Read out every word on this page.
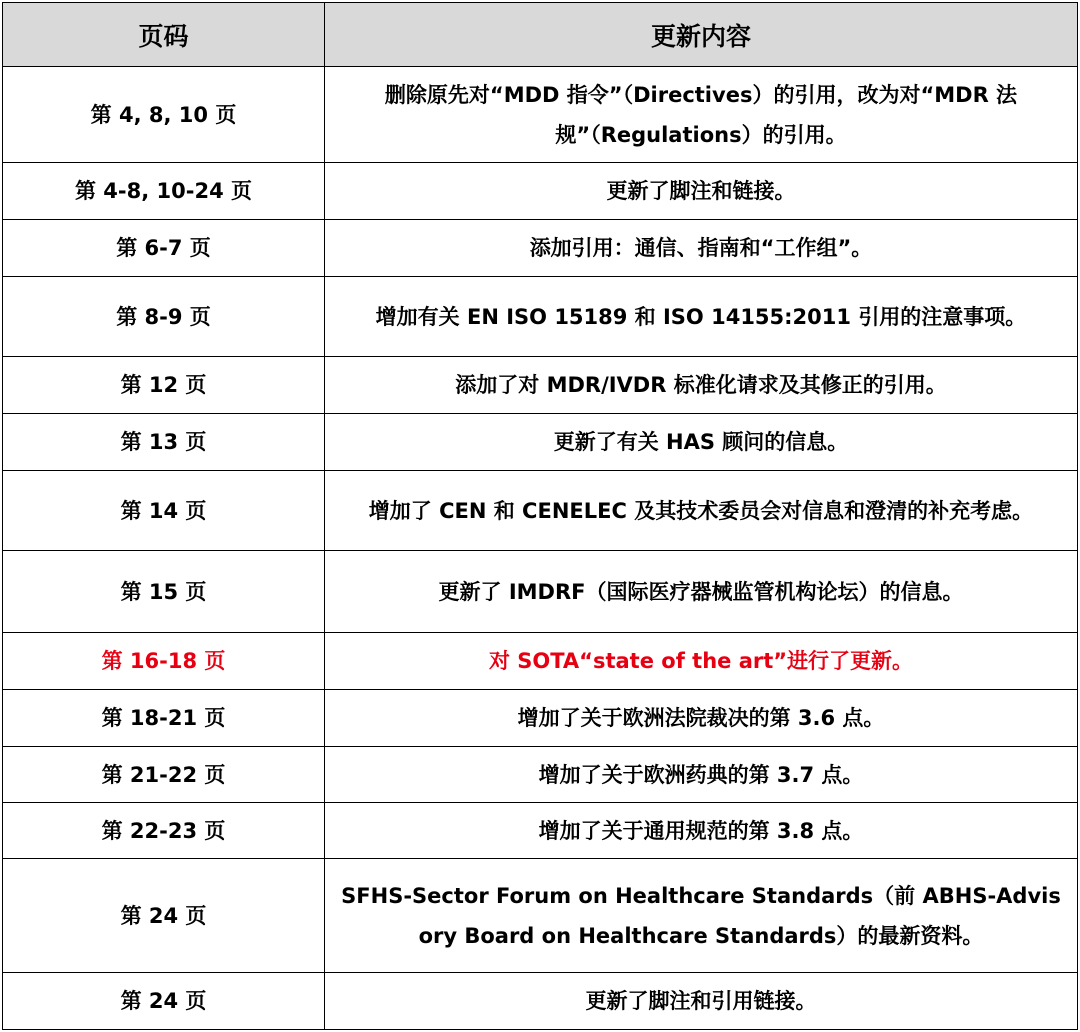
页码	更新内容
第 4, 8, 10 页	删除原先对“MDD 指令”（Directives）的引用，改为对“MDR 法规”（Regulations）的引用。
第 4-8, 10-24 页	更新了脚注和链接。
第 6-7 页	添加引用：通信、指南和“工作组”。
第 8-9 页	增加有关 EN ISO 15189 和 ISO 14155:2011 引用的注意事项。
第 12 页	添加了对 MDR/IVDR 标准化请求及其修正的引用。
第 13 页	更新了有关 HAS 顾问的信息。
第 14 页	增加了 CEN 和 CENELEC 及其技术委员会对信息和澄清的补充考虑。
第 15 页	更新了 IMDRF（国际医疗器械监管机构论坛）的信息。
第 16-18 页	对 SOTA“state of the art”进行了更新。
第 18-21 页	增加了关于欧洲法院裁决的第 3.6 点。
第 21-22 页	增加了关于欧洲药典的第 3.7 点。
第 22-23 页	增加了关于通用规范的第 3.8 点。
第 24 页	SFHS-Sector Forum on Healthcare Standards（前 ABHS-Advisory Board on Healthcare Standards）的最新资料。
第 24 页	更新了脚注和引用链接。
